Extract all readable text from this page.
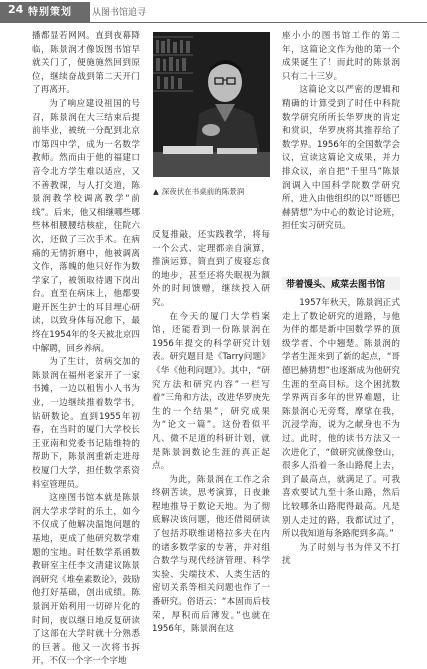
24 特别策划 从图书馆追寻

播都显若网网。直到夜幕降临，陈景润才像饭图书馆早就关门了，便施施然回到原位，继续奋战到第二天开门了再离开。

为了响应建设祖国的号召，陈景润在大三结束后提前毕业，被统一分配到北京市第四中学，成为一名数学教师。然而由于他的福建口音令北方学生难以适应，又不善教课，与人打交道，陈景润教学校调离教学“前线”。后来，他又相继哪些哪些林相腰腰结核症，住院六次，还做了三次手术。在病痛的无情折磨中，他被调离文作，落魄的他只好作为数学家了，被领取待遇下岗出台。直至在病床上，他都要避开医生护士的耳目埋心研读，以致身体每况愈下，最终在1954年的冬天被北京四中解聘，回乡养病。

为了生计，贫病交加的陈景润在福州老家开了一家书摊，一边以租售小人书为业，一边继续推着数学书，钻研数论。直到1955年初春，在当时的厦门大学校长王亚南和党委书记陆维特的帮助下，陈景润重新走进母校厦门大学，担任数学系资料室管理员。

这座图书馆本就是陈景润大学求学时的乐土，如今不仅成了他解决温饱问题的基地，更成了他研究数学难题的宝地。时任数学系函数教研室主任李文清建议陈景润研究《堆垒素数论》，鼓励他打好基础，创出成绩。陈景润开始利用一切碎片化的时间，夜以继日地反复研读了这部在大学时就十分熟悉的巨著。他又一次将书拆开，不仅一个字一个字地

▲ 深夜伏在书桌前的陈景润

反复推敲，还实践教学，将每一个公式、定理都亲自演算，推演运算，简直到了废寝忘食的地步，甚至还将失眠视为额外的时间馈赠，继续投入研究。

在今天的厦门大学档案馆，还能看到一份陈景润在1956年提交的科学研究计划表。研究题目是《Tarry问题》《华《他利问题》》。其中，“研究方法和研究内容”一栏写着“三角和方法，改进华罗庚先生的一个结果”，研究成果为“论文一篇”。这份看似平凡、微不足道的科研计划，就是陈景润数论生涯的真正起点。

为此，陈景润在工作之余终朝苦读，思考演算，日夜兼程地推导于数论天地。为了彻底解决该问题，他还借阅研读了包括苏联维诺格拉多夫在内的诸多数学家的专著，并对组合数学与现代经济管理、科学实验、尖端技术、人类生活的密切关系等相关问题也作了一番研究。俗语云：“本固而后枝荣，厚积而后薄发。”也就在1956年，陈景润在这

座小小的图书馆工作的第二年，这篇论文作为他的第一个成果诞生了！而此时的陈景润只有二十三岁。

这篇论文以严密的逻辑和精确的计算受到了时任中科院数学研究所所长华罗庚的肯定和赏识，华罗庚将其推荐给了数学界。1956年的全国数学会议，宣读这篇论文成果，并力排众议，亲自把“千里马”陈景润调入中国科学院数学研究所，进入由他组织的以“哥德巴赫猜想”为中心的数论讨论班，担任实习研究员。

带着馒头、咸菜去图书馆

1957年秋天，陈景润正式走上了数论研究的道路，与他为伴的都是新中国数学界的顶级学者、个中翘楚。陈景润的学者生涯来到了新的起点，“哥德巴赫猜想”也逐渐成为他研究生涯的至高目标。这个困扰数学界两百多年的世界难题，让陈景润心无旁骛，摩挲在我，沉浸学海，说为之献身也不为过。此时，他的读书方法又一次进化了，“做研究就像登山，很多人沿着一条山路爬上去，到了最高点，就满足了。可我喜欢要试九至十条山路，然后比较哪条山路爬得最高。凡是别人走过的路，我都试过了，所以我知道每条路爬到多高。”

为了时刻与书为伴又不打扰
